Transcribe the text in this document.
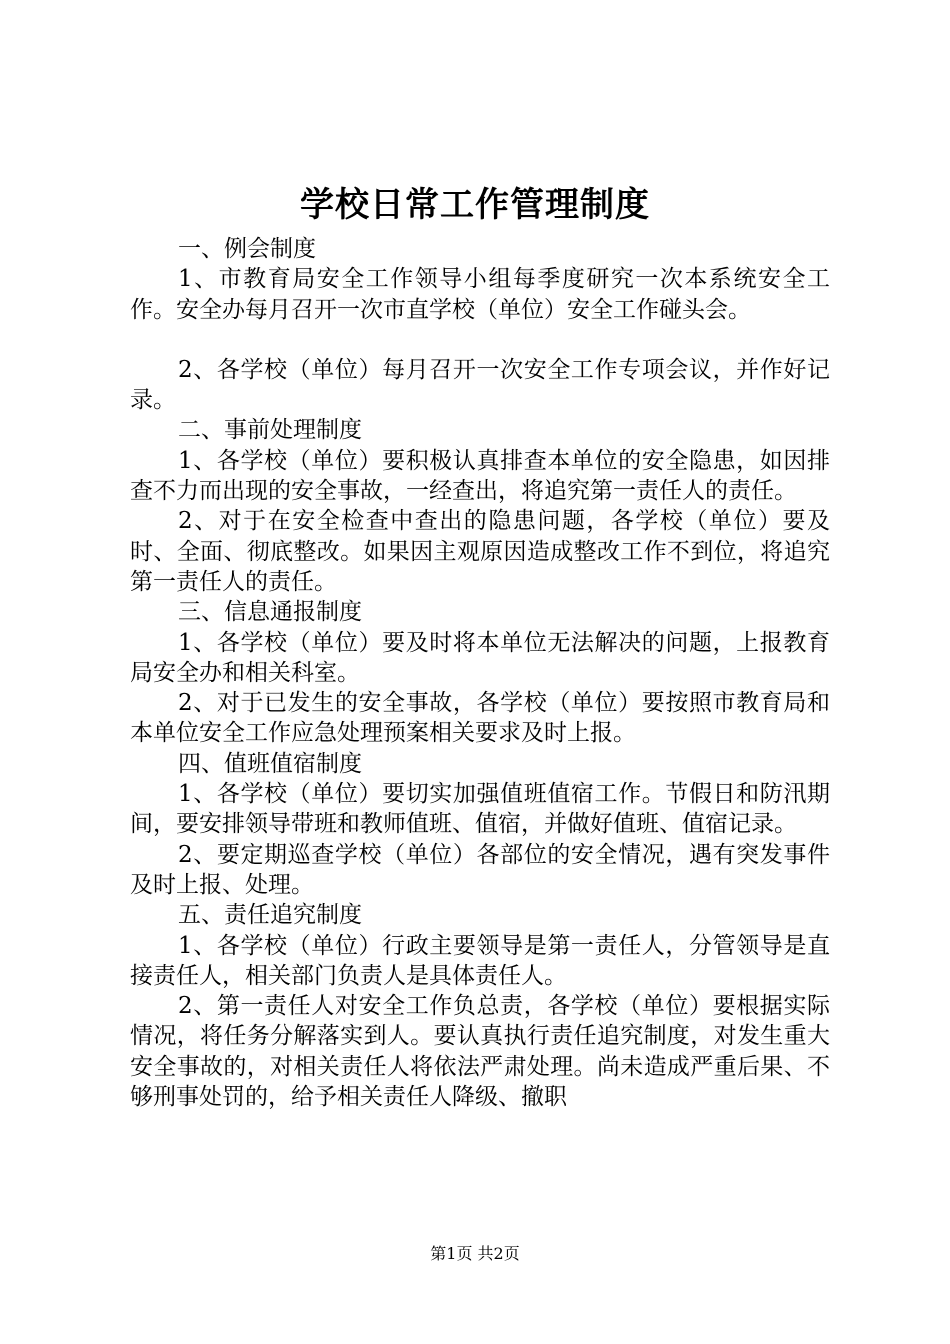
学校日常工作管理制度

一、例会制度

1、市教育局安全工作领导小组每季度研究一次本系统安全工作。安全办每月召开一次市直学校（单位）安全工作碰头会。

2、各学校（单位）每月召开一次安全工作专项会议，并作好记录。

二、事前处理制度

1、各学校（单位）要积极认真排查本单位的安全隐患，如因排查不力而出现的安全事故，一经查出，将追究第一责任人的责任。

2、对于在安全检查中查出的隐患问题，各学校（单位）要及时、全面、彻底整改。如果因主观原因造成整改工作不到位，将追究第一责任人的责任。

三、信息通报制度

1、各学校（单位）要及时将本单位无法解决的问题，上报教育局安全办和相关科室。

2、对于已发生的安全事故，各学校（单位）要按照市教育局和本单位安全工作应急处理预案相关要求及时上报。

四、值班值宿制度

1、各学校（单位）要切实加强值班值宿工作。节假日和防汛期间，要安排领导带班和教师值班、值宿，并做好值班、值宿记录。

2、要定期巡查学校（单位）各部位的安全情况，遇有突发事件及时上报、处理。

五、责任追究制度

1、各学校（单位）行政主要领导是第一责任人，分管领导是直接责任人，相关部门负责人是具体责任人。

2、第一责任人对安全工作负总责，各学校（单位）要根据实际情况，将任务分解落实到人。要认真执行责任追究制度，对发生重大安全事故的，对相关责任人将依法严肃处理。尚未造成严重后果、不够刑事处罚的，给予相关责任人降级、撤职

第1页 共2页
